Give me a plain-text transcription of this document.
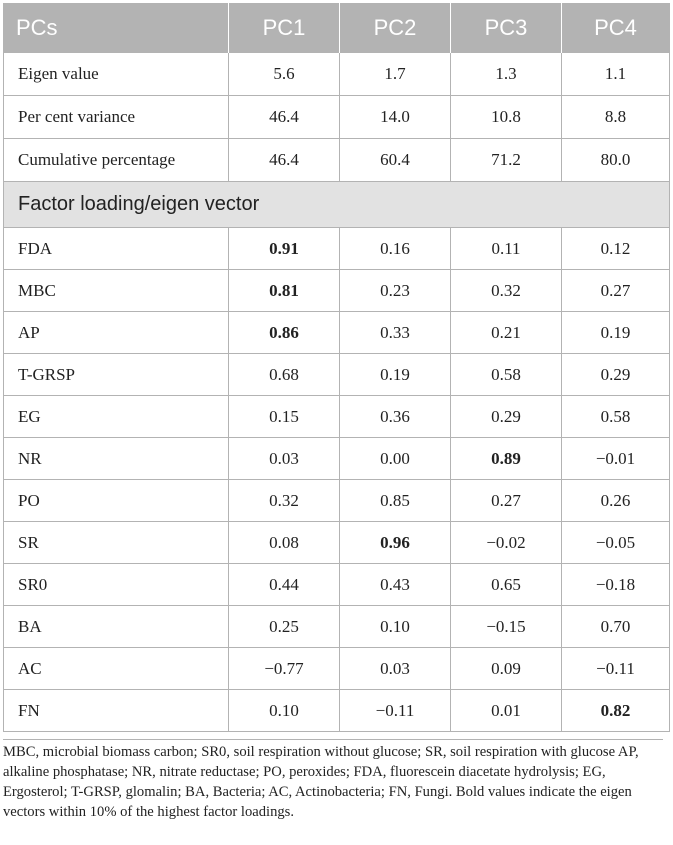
PCs	PC1	PC2	PC3	PC4
Eigen value	5.6	1.7	1.3	1.1
Per cent variance	46.4	14.0	10.8	8.8
Cumulative percentage	46.4	60.4	71.2	80.0
Factor loading/eigen vector				
FDA	0.91	0.16	0.11	0.12
MBC	0.81	0.23	0.32	0.27
AP	0.86	0.33	0.21	0.19
T-GRSP	0.68	0.19	0.58	0.29
EG	0.15	0.36	0.29	0.58
NR	0.03	0.00	0.89	−0.01
PO	0.32	0.85	0.27	0.26
SR	0.08	0.96	−0.02	−0.05
SR0	0.44	0.43	0.65	−0.18
BA	0.25	0.10	−0.15	0.70
AC	−0.77	0.03	0.09	−0.11
FN	0.10	−0.11	0.01	0.82

MBC, microbial biomass carbon; SR0, soil respiration without glucose; SR, soil respiration with glucose AP, alkaline phosphatase; NR, nitrate reductase; PO, peroxides; FDA, fluorescein diacetate hydrolysis; EG, Ergosterol; T-GRSP, glomalin; BA, Bacteria; AC, Actinobacteria; FN, Fungi. Bold values indicate the eigen vectors within 10% of the highest factor loadings.
